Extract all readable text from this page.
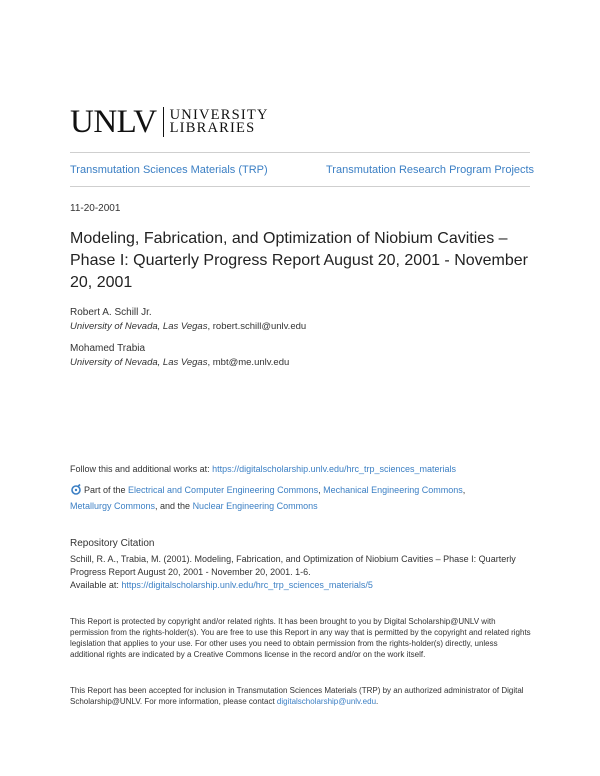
UNLV UNIVERSITY
LIBRARIES
Transmutation Sciences Materials (TRP)	Transmutation Research Program Projects
11-20-2001
Modeling, Fabrication, and Optimization of Niobium Cavities – Phase I: Quarterly Progress Report August 20, 2001 - November 20, 2001
Robert A. Schill Jr.
University of Nevada, Las Vegas, robert.schill@unlv.edu
Mohamed Trabia
University of Nevada, Las Vegas, mbt@me.unlv.edu
Follow this and additional works at: https://digitalscholarship.unlv.edu/hrc_trp_sciences_materials
Part of the Electrical and Computer Engineering Commons, Mechanical Engineering Commons,
Metallurgy Commons, and the Nuclear Engineering Commons
Repository Citation
Schill, R. A., Trabia, M. (2001). Modeling, Fabrication, and Optimization of Niobium Cavities – Phase I: Quarterly Progress Report August 20, 2001 - November 20, 2001. 1-6.
Available at: https://digitalscholarship.unlv.edu/hrc_trp_sciences_materials/5
This Report is protected by copyright and/or related rights. It has been brought to you by Digital Scholarship@UNLV with permission from the rights-holder(s). You are free to use this Report in any way that is permitted by the copyright and related rights legislation that applies to your use. For other uses you need to obtain permission from the rights-holder(s) directly, unless additional rights are indicated by a Creative Commons license in the record and/or on the work itself.
This Report has been accepted for inclusion in Transmutation Sciences Materials (TRP) by an authorized administrator of Digital Scholarship@UNLV. For more information, please contact digitalscholarship@unlv.edu.
